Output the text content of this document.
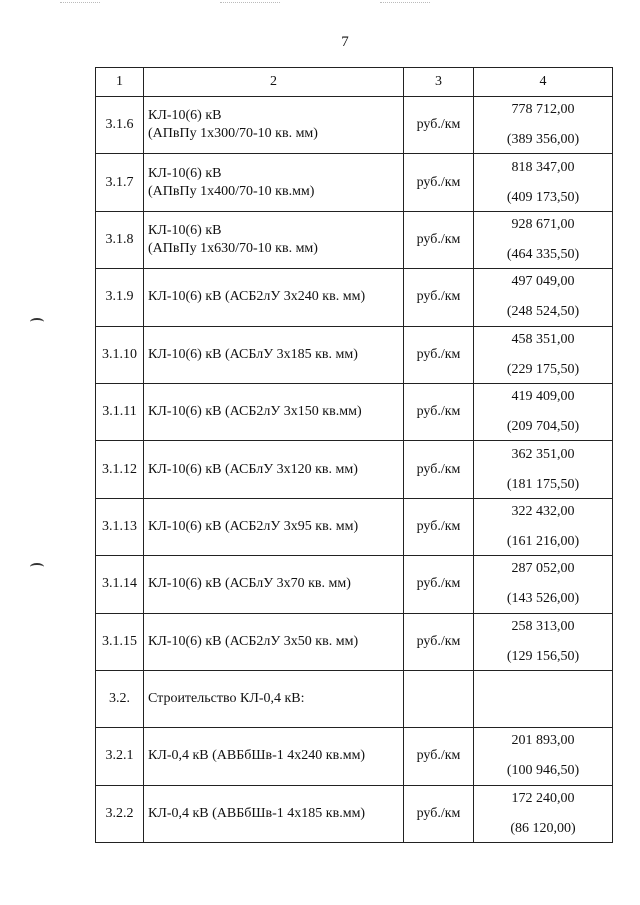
7
1	2	3	4
3.1.6	КЛ-10(6) кВ
(АПвПу 1х300/70-10 кв. мм)	руб./км	778 712,00
(389 356,00)

3.1.7	КЛ-10(6) кВ
(АПвПу 1х400/70-10 кв.мм)	руб./км	818 347,00
(409 173,50)

3.1.8	КЛ-10(6) кВ
(АПвПу 1х630/70-10 кв. мм)	руб./км	928 671,00
(464 335,50)

3.1.9	КЛ-10(6) кВ (АСБ2лУ 3х240 кв. мм)	руб./км	497 049,00
(248 524,50)

3.1.10	КЛ-10(6) кВ (АСБлУ 3х185 кв. мм)	руб./км	458 351,00
(229 175,50)

3.1.11	КЛ-10(6) кВ (АСБ2лУ 3х150 кв.мм)	руб./км	419 409,00
(209 704,50)

3.1.12	КЛ-10(6) кВ (АСБлУ 3х120 кв. мм)	руб./км	362 351,00
(181 175,50)

3.1.13	КЛ-10(6) кВ (АСБ2лУ 3х95 кв. мм)	руб./км	322 432,00
(161 216,00)

3.1.14	КЛ-10(6) кВ (АСБлУ 3х70 кв. мм)	руб./км	287 052,00
(143 526,00)

3.1.15	КЛ-10(6) кВ (АСБ2лУ 3х50 кв. мм)	руб./км	258 313,00
(129 156,50)

3.2.	Строительство КЛ-0,4 кВ:		

3.2.1	КЛ-0,4 кВ (АВБбШв-1 4х240 кв.мм)	руб./км	201 893,00
(100 946,50)

3.2.2	КЛ-0,4 кВ (АВБбШв-1 4х185 кв.мм)	руб./км	172 240,00
(86 120,00)
